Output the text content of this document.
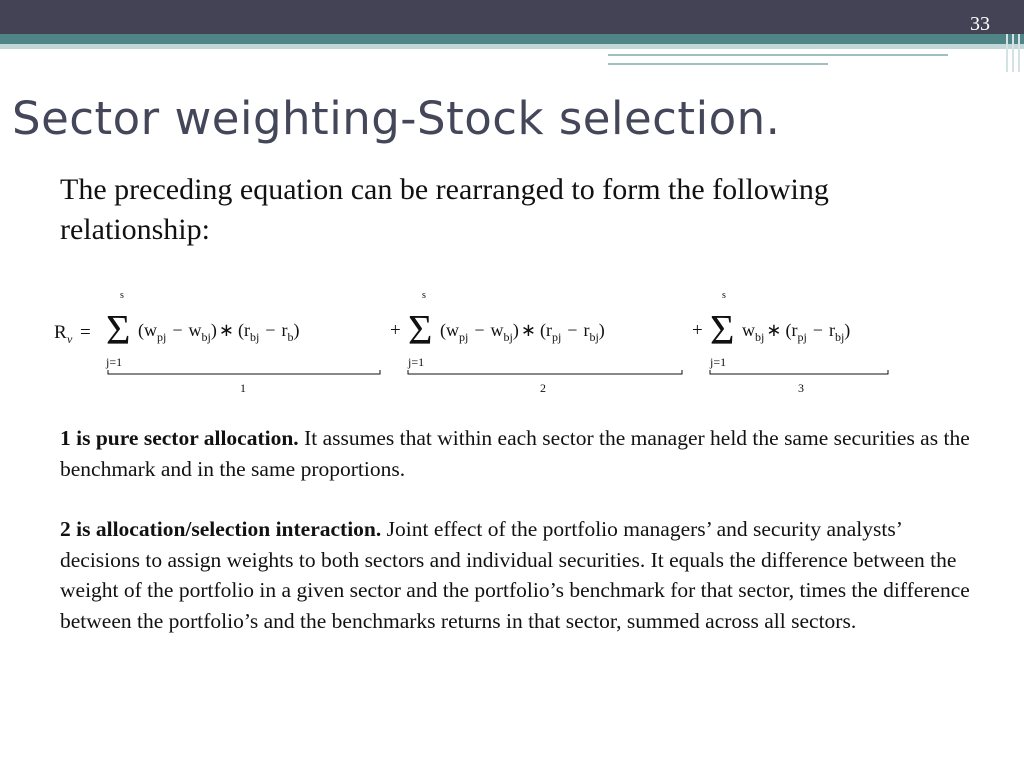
33
Sector weighting-Stock selection.

The preceding equation can be rearranged to form the following relationship:

R v =
s
Σ
j=1
$(w_{pj} - w_{bj})$ ∗ $(r_{bj} - r_b)$
1
+
s
Σ
j=1
$(w_{pj} - w_{bj})$ ∗ $(r_{pj} - r_{bj})$
2
+
s
Σ
j=1
$w_{bj}$ ∗ $(r_{pj} - r_{bj})$
3

1 is pure sector allocation. It assumes that within each sector the manager held the same securities as the benchmark and in the same proportions.

2 is allocation/selection interaction. Joint effect of the portfolio managers’ and security analysts’ decisions to assign weights to both sectors and individual securities. It equals the difference between the weight of the portfolio in a given sector and the portfolio’s benchmark for that sector, times the difference between the portfolio’s and the benchmarks returns in that sector, summed across all sectors.
